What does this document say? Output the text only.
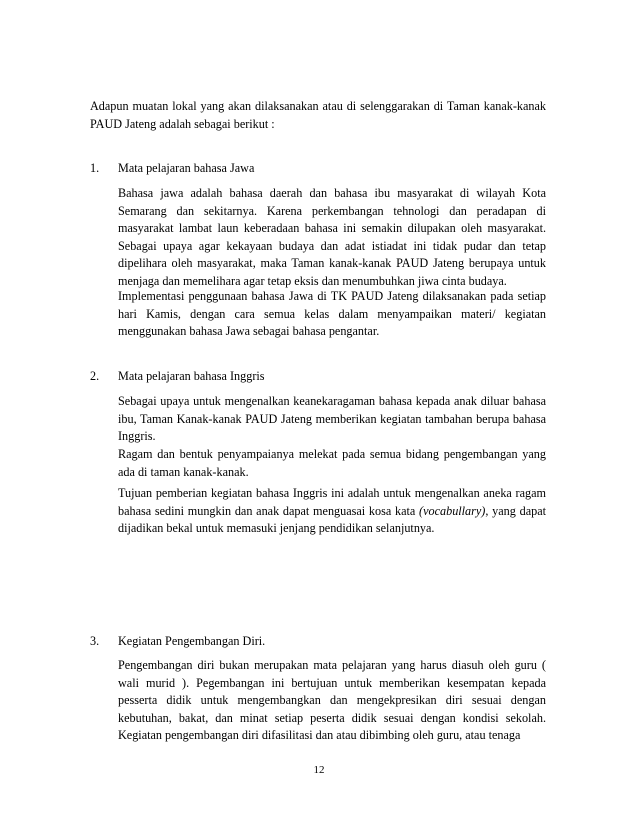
Adapun muatan lokal yang akan dilaksanakan atau di selenggarakan di Taman kanak-kanak PAUD Jateng adalah sebagai berikut :
1. Mata pelajaran bahasa Jawa
Bahasa jawa adalah bahasa daerah dan bahasa ibu masyarakat di wilayah Kota Semarang dan sekitarnya. Karena perkembangan tehnologi dan peradapan di masyarakat lambat laun keberadaan bahasa ini semakin dilupakan oleh masyarakat. Sebagai upaya agar kekayaan budaya dan adat istiadat ini tidak pudar dan tetap dipelihara oleh masyarakat, maka Taman kanak-kanak PAUD Jateng berupaya untuk menjaga dan memelihara agar tetap eksis dan menumbuhkan jiwa cinta budaya.
Implementasi penggunaan bahasa Jawa di TK PAUD Jateng dilaksanakan pada setiap hari Kamis, dengan cara semua kelas dalam menyampaikan materi/ kegiatan menggunakan bahasa Jawa sebagai bahasa pengantar.
2. Mata pelajaran bahasa Inggris
Sebagai upaya untuk mengenalkan keanekaragaman bahasa kepada anak diluar bahasa ibu, Taman Kanak-kanak PAUD Jateng memberikan kegiatan tambahan berupa bahasa Inggris.
Ragam dan bentuk penyampaianya melekat pada semua bidang pengembangan yang ada di taman kanak-kanak.
Tujuan pemberian kegiatan bahasa Inggris ini adalah untuk mengenalkan aneka ragam bahasa sedini mungkin dan anak dapat menguasai kosa kata (vocabullary), yang dapat dijadikan bekal untuk memasuki jenjang pendidikan selanjutnya.
3. Kegiatan Pengembangan Diri.
Pengembangan diri bukan merupakan mata pelajaran yang harus diasuh oleh guru ( wali murid ). Pegembangan ini bertujuan untuk memberikan kesempatan kepada pesserta didik untuk mengembangkan dan mengekpresikan diri sesuai dengan kebutuhan, bakat, dan minat setiap peserta didik sesuai dengan kondisi sekolah. Kegiatan pengembangan diri difasilitasi dan atau dibimbing oleh guru, atau tenaga
12
